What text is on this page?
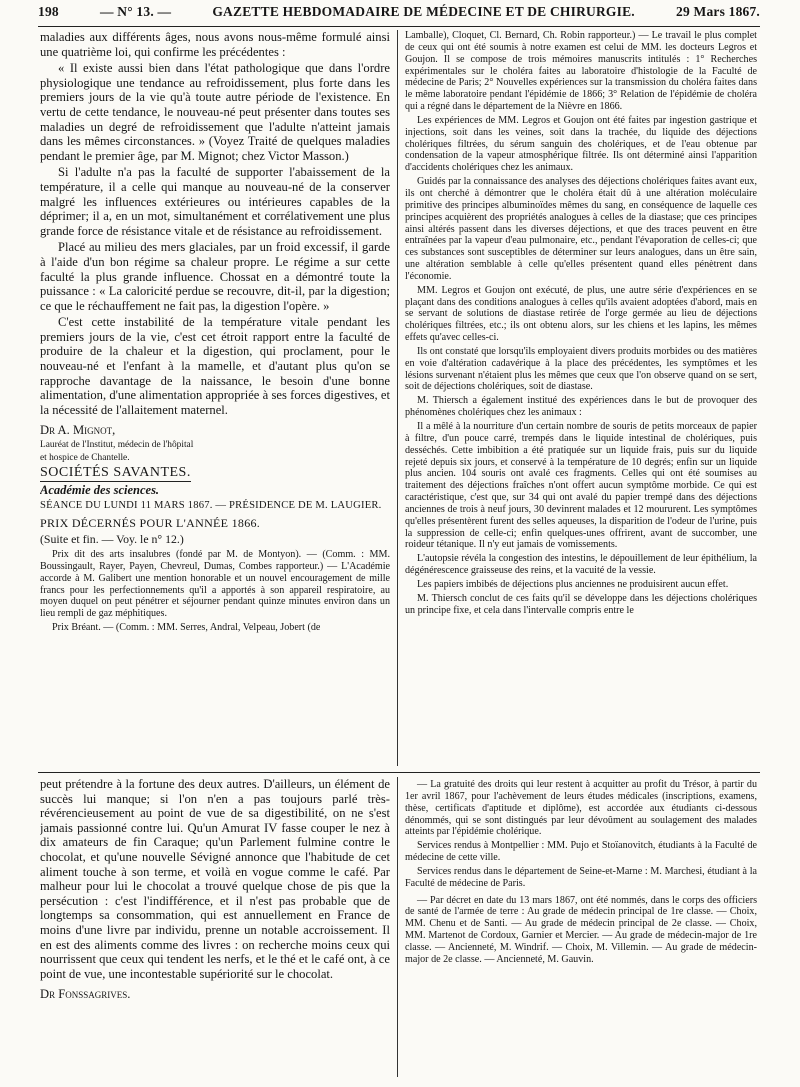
198	— N° 13. —	GAZETTE HEBDOMADAIRE DE MÉDECINE ET DE CHIRURGIE.	29 Mars 1867.

maladies aux différents âges, nous avons nous-même formulé ainsi une quatrième loi, qui confirme les précédentes :

« Il existe aussi bien dans l'état pathologique que dans l'ordre physiologique une tendance au refroidissement, plus forte dans les premiers jours de la vie qu'à toute autre période de l'existence. En vertu de cette tendance, le nouveau-né peut présenter dans toutes ses maladies un degré de refroidissement que l'adulte n'atteint jamais dans les mêmes circonstances. » (Voyez Traité de quelques maladies pendant le premier âge, par M. Mignot; chez Victor Masson.)

Si l'adulte n'a pas la faculté de supporter l'abaissement de la température, il a celle qui manque au nouveau-né de la conserver malgré les influences extérieures ou intérieures capables de la déprimer; il a, en un mot, simultanément et corrélativement une plus grande force de résistance vitale et de résistance au refroidissement.

Placé au milieu des mers glaciales, par un froid excessif, il garde à l'aide d'un bon régime sa chaleur propre. Le régime a sur cette faculté la plus grande influence. Chossat en a démontré toute la puissance : « La caloricité perdue se recouvre, dit-il, par la digestion; ce que le réchauffement ne fait pas, la digestion l'opère. »

C'est cette instabilité de la température vitale pendant les premiers jours de la vie, c'est cet étroit rapport entre la faculté de produire de la chaleur et la digestion, qui proclament, pour le nouveau-né et l'enfant à la mamelle, et d'autant plus qu'on se rapproche davantage de la naissance, le besoin d'une bonne alimentation, d'une alimentation appropriée à ses forces digestives, et la nécessité de l'allaitement maternel.

Dr A. Mignot,

Lauréat de l'Institut, médecin de l'hôpital

et hospice de Chantelle.

SOCIÉTÉS SAVANTES.

Académie des sciences.

SÉANCE DU LUNDI 11 MARS 1867. — PRÉSIDENCE DE M. LAUGIER.

PRIX DÉCERNÉS POUR L'ANNÉE 1866.

(Suite et fin. — Voy. le n° 12.)

Prix dit des arts insalubres (fondé par M. de Montyon). — (Comm. : MM. Boussingault, Rayer, Payen, Chevreul, Dumas, Combes rapporteur.) — L'Académie accorde à M. Galibert une mention honorable et un nouvel encouragement de mille francs pour les perfectionnements qu'il a apportés à son appareil respiratoire, au moyen duquel on peut pénétrer et séjourner pendant quinze minutes environ dans un lieu rempli de gaz méphitiques.

Prix Bréant. — (Comm. : MM. Serres, Andral, Velpeau, Jobert (de

Lamballe), Cloquet, Cl. Bernard, Ch. Robin rapporteur.) — Le travail le plus complet de ceux qui ont été soumis à notre examen est celui de MM. les docteurs Legros et Goujon. Il se compose de trois mémoires manuscrits intitulés : 1° Recherches expérimentales sur le choléra faites au laboratoire d'histologie de la Faculté de médecine de Paris; 2° Nouvelles expériences sur la transmission du choléra faites dans le même laboratoire pendant l'épidémie de 1866; 3° Relation de l'épidémie de choléra qui a régné dans le département de la Nièvre en 1866.

Les expériences de MM. Legros et Goujon ont été faites par ingestion gastrique et injections, soit dans les veines, soit dans la trachée, du liquide des déjections cholériques filtrées, du sérum sanguin des cholériques, et de l'eau obtenue par condensation de la vapeur atmosphérique filtrée. Ils ont déterminé ainsi l'apparition d'accidents cholériques chez les animaux.

Guidés par la connaissance des analyses des déjections cholériques faites avant eux, ils ont cherché à démontrer que le choléra était dû à une altération moléculaire primitive des principes albuminoïdes mêmes du sang, en conséquence de laquelle ces principes acquièrent des propriétés analogues à celles de la diastase; que ces principes ainsi altérés passent dans les diverses déjections, et que des traces peuvent en être entraînées par la vapeur d'eau pulmonaire, etc., pendant l'évaporation de celles-ci; que ces substances sont susceptibles de déterminer sur leurs analogues, dans un être sain, une altération semblable à celle qu'elles présentent quand elles pénètrent dans l'économie.

MM. Legros et Goujon ont exécuté, de plus, une autre série d'expériences en se plaçant dans des conditions analogues à celles qu'ils avaient adoptées d'abord, mais en se servant de solutions de diastase retirée de l'orge germée au lieu de déjections cholériques filtrées, etc.; ils ont obtenu alors, sur les chiens et les lapins, les mêmes effets qu'avec celles-ci.

Ils ont constaté que lorsqu'ils employaient divers produits morbides ou des matières en voie d'altération cadavérique à la place des précédentes, les symptômes et les lésions survenant n'étaient plus les mêmes que ceux que l'on observe quand on se sert, soit de déjections cholériques, soit de diastase.

M. Thiersch a également institué des expériences dans le but de provoquer des phénomènes cholériques chez les animaux :

Il a mêlé à la nourriture d'un certain nombre de souris de petits morceaux de papier à filtre, d'un pouce carré, trempés dans le liquide intestinal de cholériques, puis desséchés. Cette imbibition a été pratiquée sur un liquide frais, puis sur du liquide rejeté depuis six jours, et conservé à la température de 10 degrés; enfin sur un liquide plus ancien. 104 souris ont avalé ces fragments. Celles qui ont été soumises au traitement des déjections fraîches n'ont offert aucun symptôme morbide. Ce qui est caractéristique, c'est que, sur 34 qui ont avalé du papier trempé dans des déjections anciennes de trois à neuf jours, 30 devinrent malades et 12 moururent. Les symptômes qu'elles présentèrent furent des selles aqueuses, la disparition de l'odeur de l'urine, puis la suppression de celle-ci; enfin quelques-unes offrirent, avant de succomber, une roideur tétanique. Il n'y eut jamais de vomissements.

L'autopsie révéla la congestion des intestins, le dépouillement de leur épithélium, la dégénérescence graisseuse des reins, et la vacuité de la vessie.

Les papiers imbibés de déjections plus anciennes ne produisirent aucun effet.

M. Thiersch conclut de ces faits qu'il se développe dans les déjections cholériques un principe fixe, et cela dans l'intervalle compris entre le

peut prétendre à la fortune des deux autres. D'ailleurs, un élément de succès lui manque; si l'on n'en a pas toujours parlé très-révérencieusement au point de vue de sa digestibilité, on ne s'est jamais passionné contre lui. Qu'un Amurat IV fasse couper le nez à dix amateurs de fin Caraque; qu'un Parlement fulmine contre le chocolat, et qu'une nouvelle Sévigné annonce que l'habitude de cet aliment touche à son terme, et voilà en vogue comme le café. Par malheur pour lui le chocolat a trouvé quelque chose de pis que la persécution : c'est l'indifférence, et il n'est pas probable que de longtemps sa consommation, qui est annuellement en France de moins d'une livre par individu, prenne un notable accroissement. Il en est des aliments comme des livres : on recherche moins ceux qui nourrissent que ceux qui tendent les nerfs, et le thé et le café ont, à ce point de vue, une incontestable supériorité sur le chocolat.

Dr Fonssagrives.

— La gratuité des droits qui leur restent à acquitter au profit du Trésor, à partir du 1er avril 1867, pour l'achèvement de leurs études médicales (inscriptions, examens, thèse, certificats d'aptitude et diplôme), est accordée aux étudiants ci-dessous dénommés, qui se sont distingués par leur dévoûment au soulagement des malades atteints par l'épidémie cholérique.

Services rendus à Montpellier : MM. Pujo et Stoïanovitch, étudiants à la Faculté de médecine de cette ville.

Services rendus dans le département de Seine-et-Marne : M. Marchesi, étudiant à la Faculté de médecine de Paris.

— Par décret en date du 13 mars 1867, ont été nommés, dans le corps des officiers de santé de l'armée de terre : Au grade de médecin principal de 1re classe. — Choix, MM. Chenu et de Santi. — Au grade de médecin principal de 2e classe. — Choix, MM. Martenot de Cordoux, Garnier et Mercier. — Au grade de médecin-major de 1re classe. — Ancienneté, M. Windrif. — Choix, M. Villemin. — Au grade de médecin-major de 2e classe. — Ancienneté, M. Gauvin.
